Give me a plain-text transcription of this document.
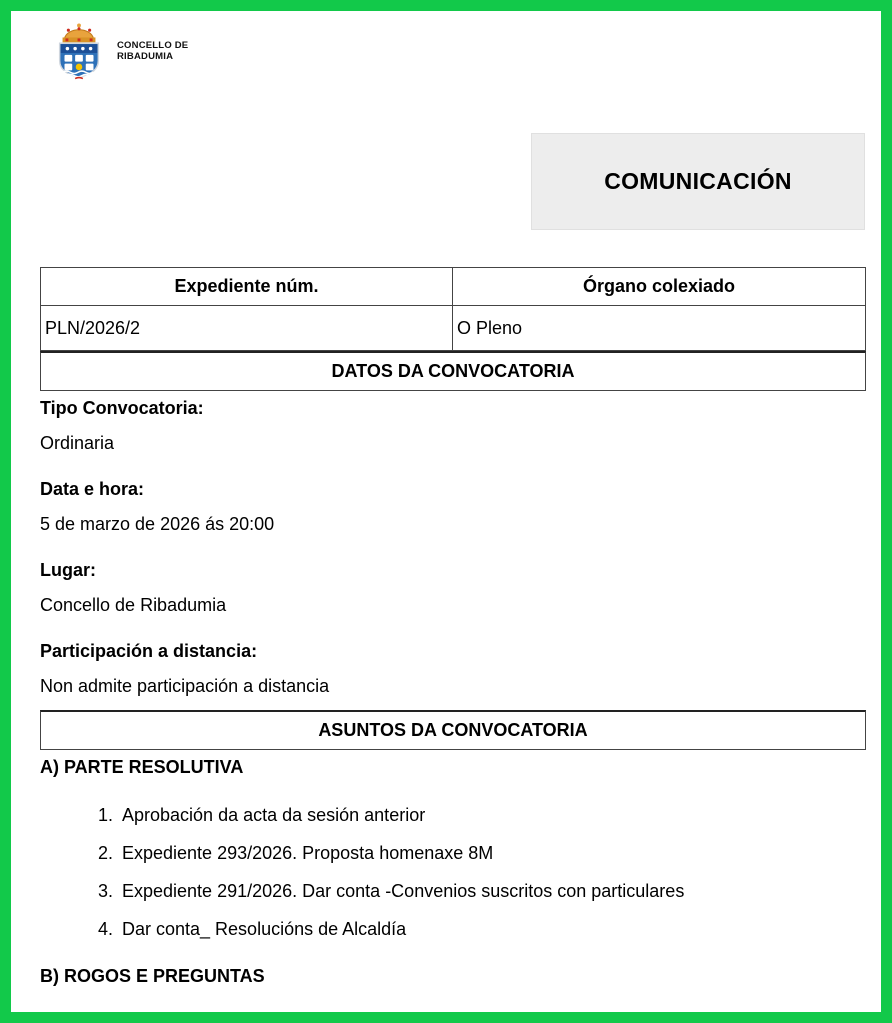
CONCELLO DE
RIBADUMIA
COMUNICACIÓN
Expediente núm.	Órgano colexiado
PLN/2026/2	O Pleno
DATOS DA CONVOCATORIA
Tipo Convocatoria:
Ordinaria
Data e hora:
5 de marzo de 2026 ás 20:00
Lugar:
Concello de Ribadumia
Participación a distancia:
Non admite participación a distancia
ASUNTOS DA CONVOCATORIA
A) PARTE RESOLUTIVA
1. Aprobación da acta da sesión anterior
2. Expediente 293/2026. Proposta homenaxe 8M
3. Expediente 291/2026. Dar conta -Convenios suscritos con particulares
4. Dar conta_ Resolucións de Alcaldía
B) ROGOS E PREGUNTAS
